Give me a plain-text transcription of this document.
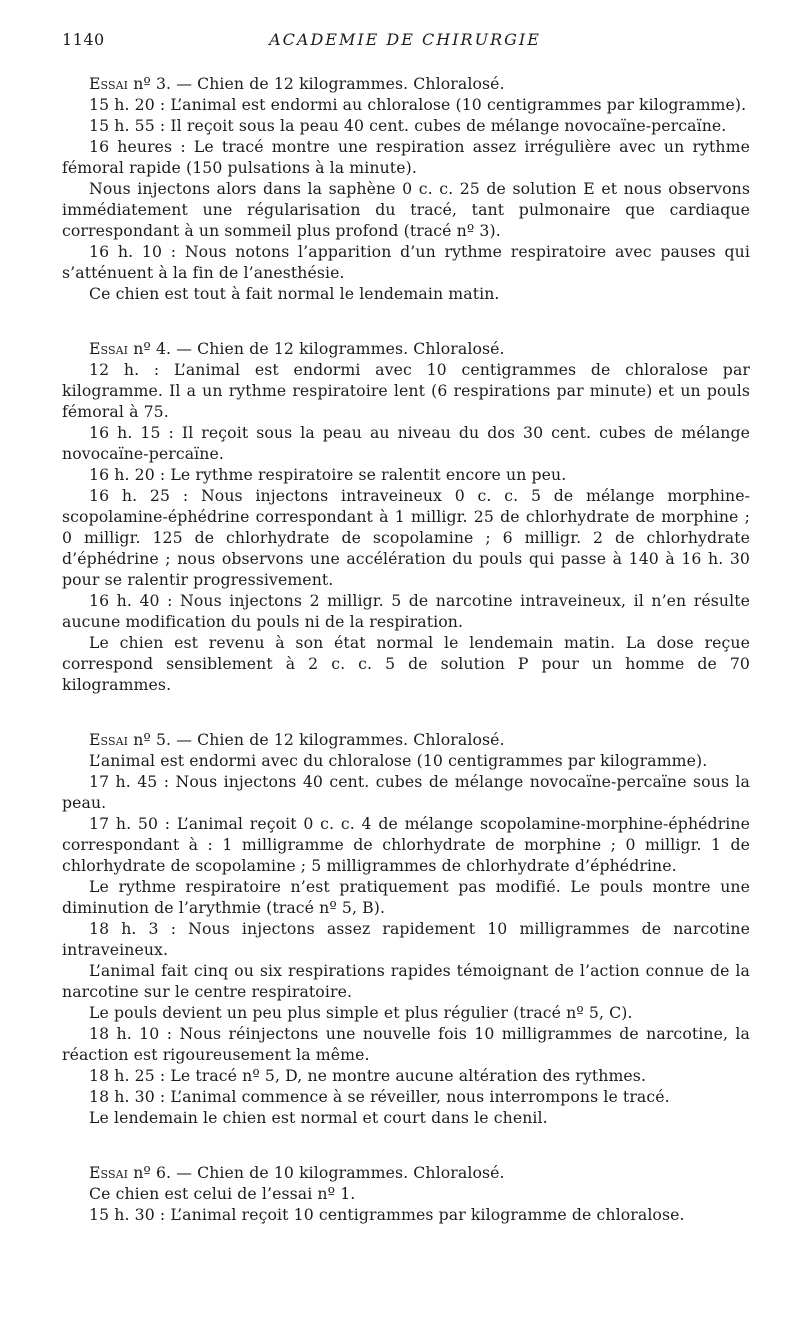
1140	ACADEMIE DE CHIRURGIE

Essai nº 3. — Chien de 12 kilogrammes. Chloralosé.

15 h. 20 : L’animal est endormi au chloralose (10 centigrammes par kilogramme).

15 h. 55 : Il reçoit sous la peau 40 cent. cubes de mélange novocaïne-percaïne.

16 heures : Le tracé montre une respiration assez irrégulière avec un rythme fémoral rapide (150 pulsations à la minute).

Nous injectons alors dans la saphène 0 c. c. 25 de solution E et nous observons immédiatement une régularisation du tracé, tant pulmonaire que cardiaque correspondant à un sommeil plus profond (tracé nº 3).

16 h. 10 : Nous notons l’apparition d’un rythme respiratoire avec pauses qui s’atténuent à la fin de l’anesthésie.

Ce chien est tout à fait normal le lendemain matin.

Essai nº 4. — Chien de 12 kilogrammes. Chloralosé.

12 h. : L’animal est endormi avec 10 centigrammes de chloralose par kilogramme. Il a un rythme respiratoire lent (6 respirations par minute) et un pouls fémoral à 75.

16 h. 15 : Il reçoit sous la peau au niveau du dos 30 cent. cubes de mélange novocaïne-percaïne.

16 h. 20 : Le rythme respiratoire se ralentit encore un peu.

16 h. 25 : Nous injectons intraveineux 0 c. c. 5 de mélange morphine-scopolamine-éphédrine correspondant à 1 milligr. 25 de chlorhydrate de morphine ; 0 milligr. 125 de chlorhydrate de scopolamine ; 6 milligr. 2 de chlorhydrate d’éphédrine ; nous observons une accélération du pouls qui passe à 140 à 16 h. 30 pour se ralentir progressivement.

16 h. 40 : Nous injectons 2 milligr. 5 de narcotine intraveineux, il n’en résulte aucune modification du pouls ni de la respiration.

Le chien est revenu à son état normal le lendemain matin. La dose reçue correspond sensiblement à 2 c. c. 5 de solution P pour un homme de 70 kilogrammes.

Essai nº 5. — Chien de 12 kilogrammes. Chloralosé.

L’animal est endormi avec du chloralose (10 centigrammes par kilogramme).

17 h. 45 : Nous injectons 40 cent. cubes de mélange novocaïne-percaïne sous la peau.

17 h. 50 : L’animal reçoit 0 c. c. 4 de mélange scopolamine-morphine-éphédrine correspondant à : 1 milligramme de chlorhydrate de morphine ; 0 milligr. 1 de chlorhydrate de scopolamine ; 5 milligrammes de chlorhydrate d’éphédrine.

Le rythme respiratoire n’est pratiquement pas modifié. Le pouls montre une diminution de l’arythmie (tracé nº 5, B).

18 h. 3 : Nous injectons assez rapidement 10 milligrammes de narcotine intraveineux.

L’animal fait cinq ou six respirations rapides témoignant de l’action connue de la narcotine sur le centre respiratoire.

Le pouls devient un peu plus simple et plus régulier (tracé nº 5, C).

18 h. 10 : Nous réinjectons une nouvelle fois 10 milligrammes de narcotine, la réaction est rigoureusement la même.

18 h. 25 : Le tracé nº 5, D, ne montre aucune altération des rythmes.

18 h. 30 : L’animal commence à se réveiller, nous interrompons le tracé.

Le lendemain le chien est normal et court dans le chenil.

Essai nº 6. — Chien de 10 kilogrammes. Chloralosé.

Ce chien est celui de l’essai nº 1.

15 h. 30 : L’animal reçoit 10 centigrammes par kilogramme de chloralose.
